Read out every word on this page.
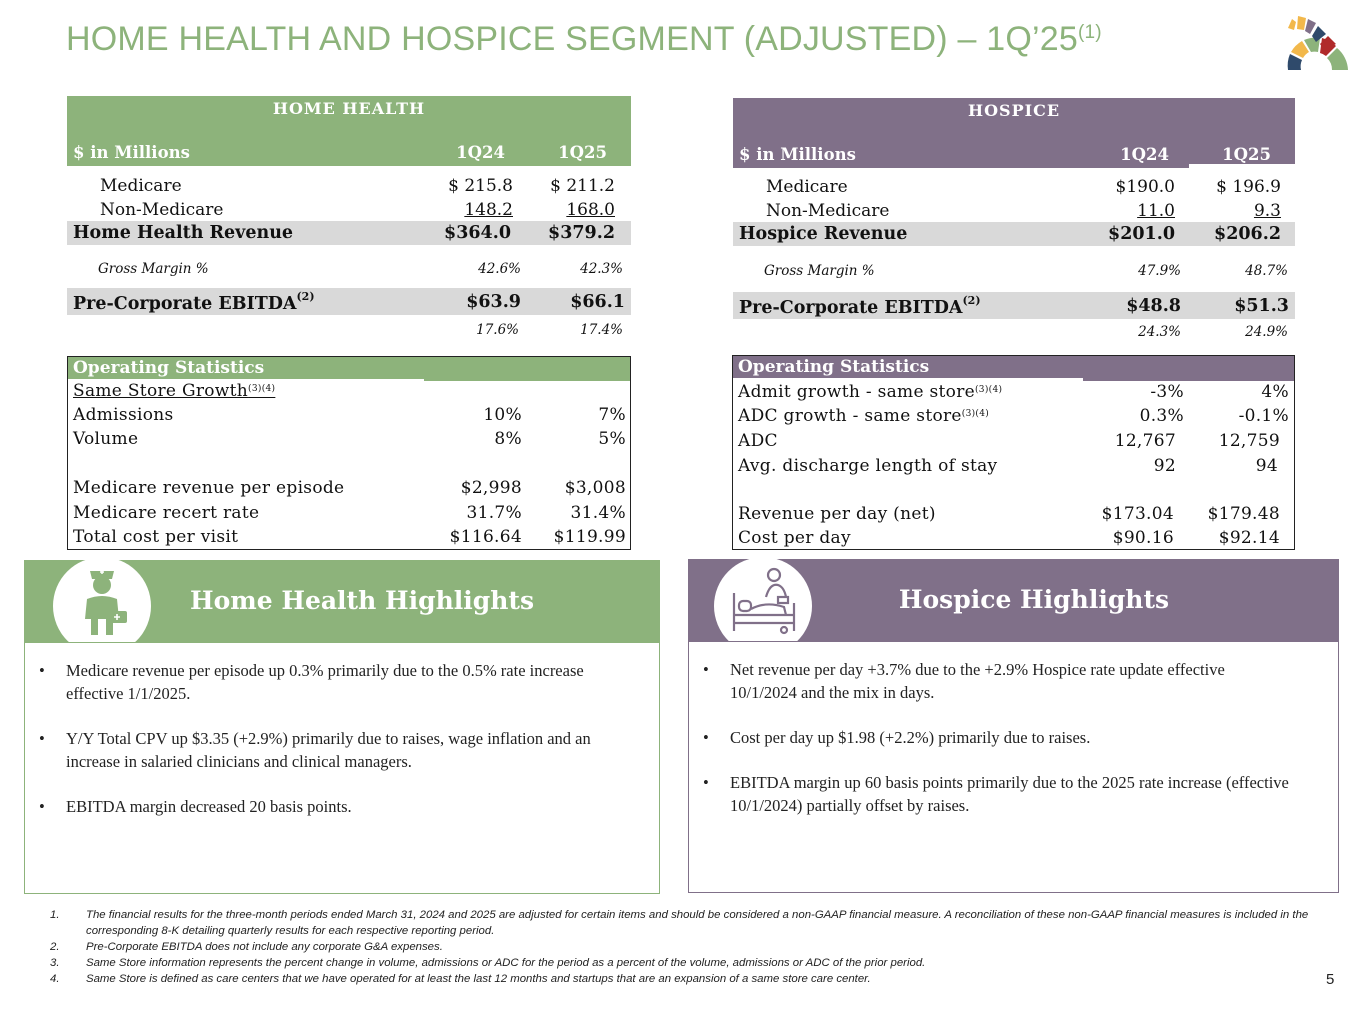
HOME HEALTH AND HOSPICE SEGMENT (ADJUSTED) – 1Q’25$^{(1)}$
HOME HEALTH
$ in Millions	1Q24	1Q25
Medicare	$ 215.8 $ 211.2
Non-Medicare	148.2	168.0
Home Health Revenue	$364.0 $379.2
Gross Margin %	42.6%	42.3%
Pre-Corporate EBITDA$^{(2)}$	$63.9	$66.1
17.6%	17.4%
Operating Statistics
Same Store Growth$^{(3)(4)}$
Admissions	10%	7%
Volume	8%	5%
Medicare revenue per episode	$2,998	$3,008
Medicare recert rate	31.7%	31.4%
Total cost per visit	$116.64 $119.99
HOSPICE
$ in Millions	1Q24	1Q25
Medicare	$190.0 $ 196.9
Non-Medicare	11.0	9.3
Hospice Revenue	$201.0 $206.2
Gross Margin %	47.9%	48.7%
Pre-Corporate EBITDA$^{(2)}$	$48.8	$51.3
24.3%	24.9%
Operating Statistics
Admit growth - same store$^{(3)(4)}$	-3%	4%
ADC growth - same store$^{(3)(4)}$	0.3%	-0.1%
ADC	12,767	12,759
Avg. discharge length of stay	92	94
Revenue per day (net)	$173.04 $179.48
Cost per day	$90.16	$92.14
Home Health Highlights
• Medicare revenue per episode up 0.3% primarily due to the 0.5% rate increase effective 1/1/2025.
• Y/Y Total CPV up $3.35 (+2.9%) primarily due to raises, wage inflation and an increase in salaried clinicians and clinical managers.
• EBITDA margin decreased 20 basis points.
Hospice Highlights
• Net revenue per day +3.7% due to the +2.9% Hospice rate update effective 10/1/2024 and the mix in days.
• Cost per day up $1.98 (+2.2%) primarily due to raises.
• EBITDA margin up 60 basis points primarily due to the 2025 rate increase (effective 10/1/2024) partially offset by raises.
1. The financial results for the three-month periods ended March 31, 2024 and 2025 are adjusted for certain items and should be considered a non-GAAP financial measure. A reconciliation of these non-GAAP financial measures is included in the corresponding 8-K detailing quarterly results for each respective reporting period.
2. Pre-Corporate EBITDA does not include any corporate G&A expenses.
3. Same Store information represents the percent change in volume, admissions or ADC for the period as a percent of the volume, admissions or ADC of the prior period.
4. Same Store is defined as care centers that we have operated for at least the last 12 months and startups that are an expansion of a same store care center.	5
